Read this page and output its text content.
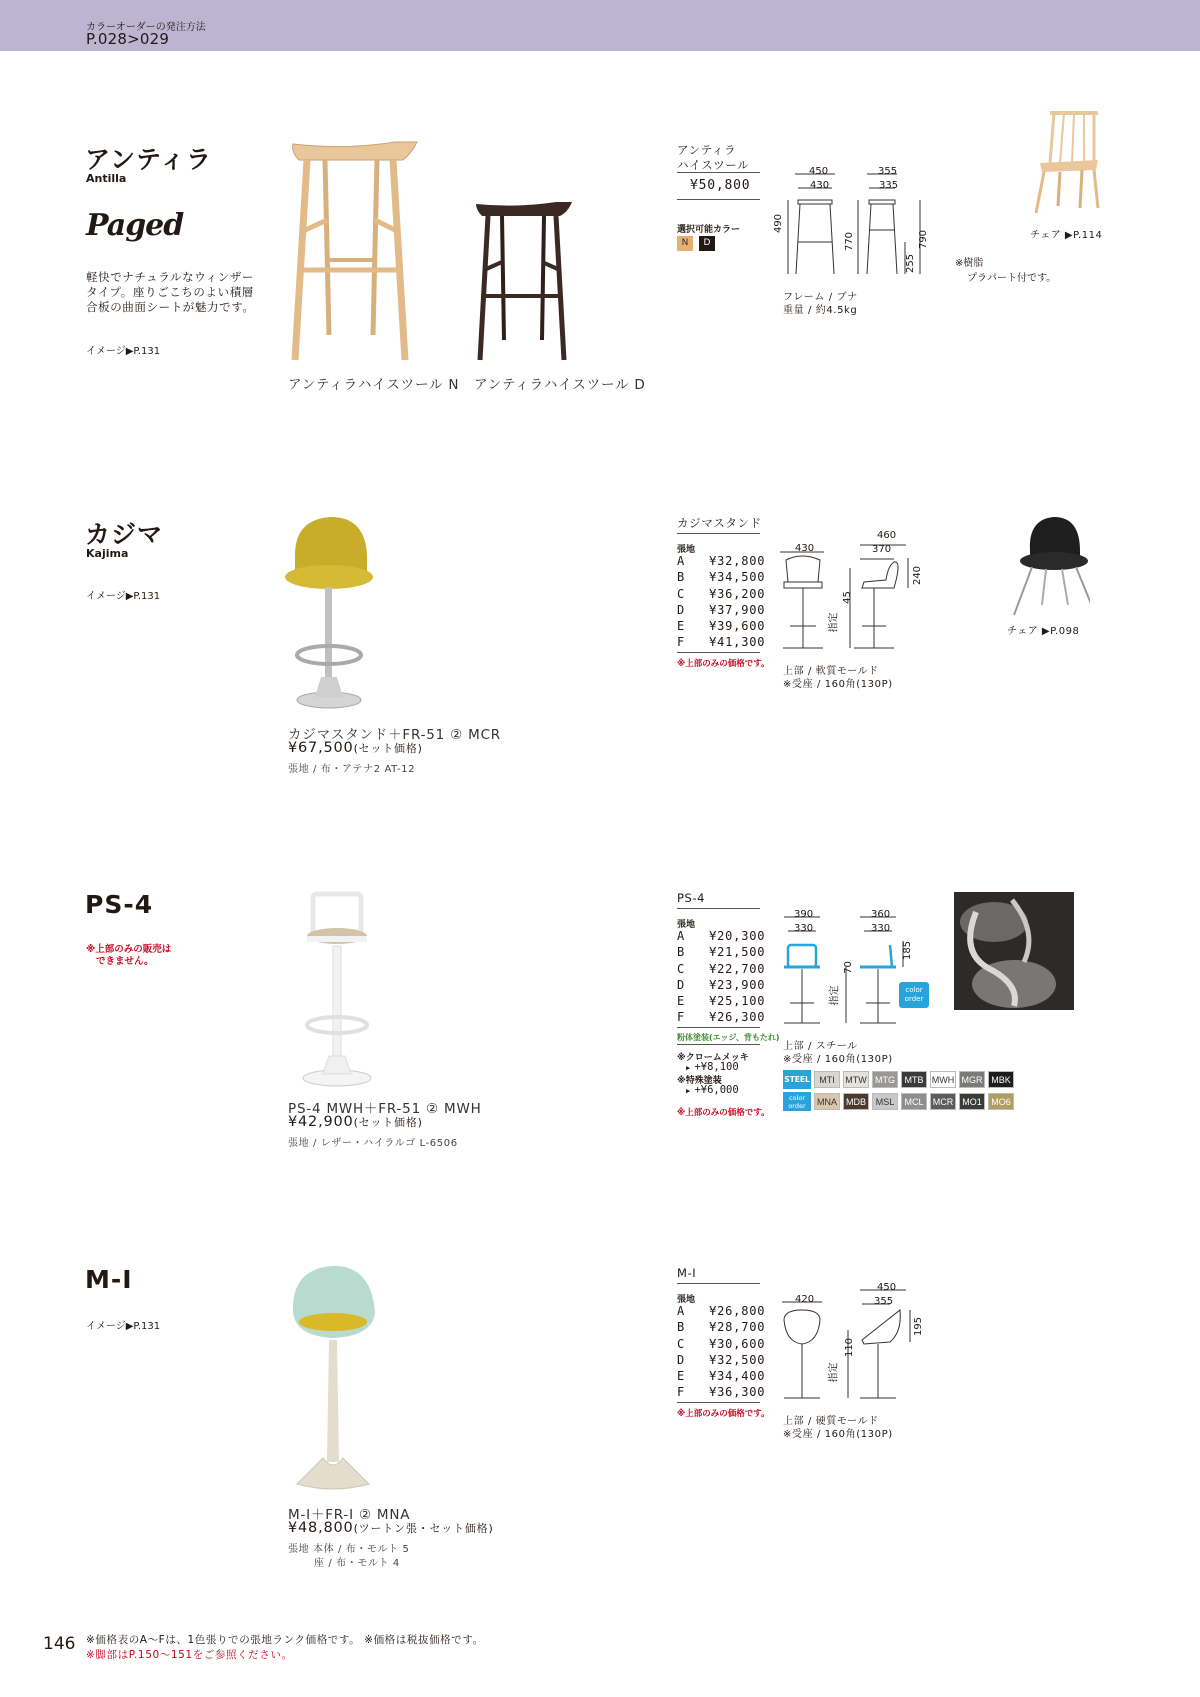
カラーオーダーの発注方法
P.028>029
アンティラ
Antilla
Paged
軽快でナチュラルなウィンザー
タイプ。座りごこちのよい積層
合板の曲面シートが魅力です。
イメージ▶P.131
アンティラハイスツール N アンティラハイスツール D
アンティラ
ハイスツール
¥50,800
選択可能カラー
N	D
450
430
355
335
490
770
255
790
フレーム / ブナ
重量 / 約4.5kg
チェア ▶P.114
※樹脂
プラパート付です。
カジマ
Kajima
イメージ▶P.131
カジマスタンド＋FR-51 ② MCR
¥67,500(セット価格)
張地 / 布・アテナ2 AT-12
カジマスタンド
張地
A ¥32,800
B ¥34,500
C ¥36,200
D ¥37,900
E ¥39,600
F ¥41,300
※上部のみの価格です。
430
460
370
45
240
指定
上部 / 軟質モールド
※受座 / 160角(130P)
チェア ▶P.098
PS-4
※上部のみの販売は
できません。
PS-4 MWH＋FR-51 ② MWH
¥42,900(セット価格)
張地 / レザー・ハイラルゴ L-6506
PS-4
張地
A ¥20,300
B ¥21,500
C ¥22,700
D ¥23,900
E ¥25,100
F ¥26,300
粉体塗装(エッジ、背もたれ)
※クロームメッキ
▶ +¥8,100
※特殊塗装
▶ +¥6,000
※上部のみの価格です。
390
330
360
330
70
185
指定	color order
上部 / スチール
※受座 / 160角(130P)
STEEL
color order
MTI	MTW MTG	MTB MWH MGR MBK
MNA	MDB	MSL	MCL	MCR MO1	MO6
M-I
イメージ▶P.131
M-I＋FR-I ② MNA
¥48,800(ツートン張・セット価格)
張地 本体 / 布・モルト 5
座 / 布・モルト 4
M-I
張地
A ¥26,800
B ¥28,700
C ¥30,600
D ¥32,500
E ¥34,400
F ¥36,300
※上部のみの価格です。
420
450
355
110
195
指定
上部 / 硬質モールド
※受座 / 160角(130P)
146 ※価格表のA〜Fは、1色張りでの張地ランク価格です。 ※価格は税抜価格です。
※脚部はP.150〜151をご参照ください。
